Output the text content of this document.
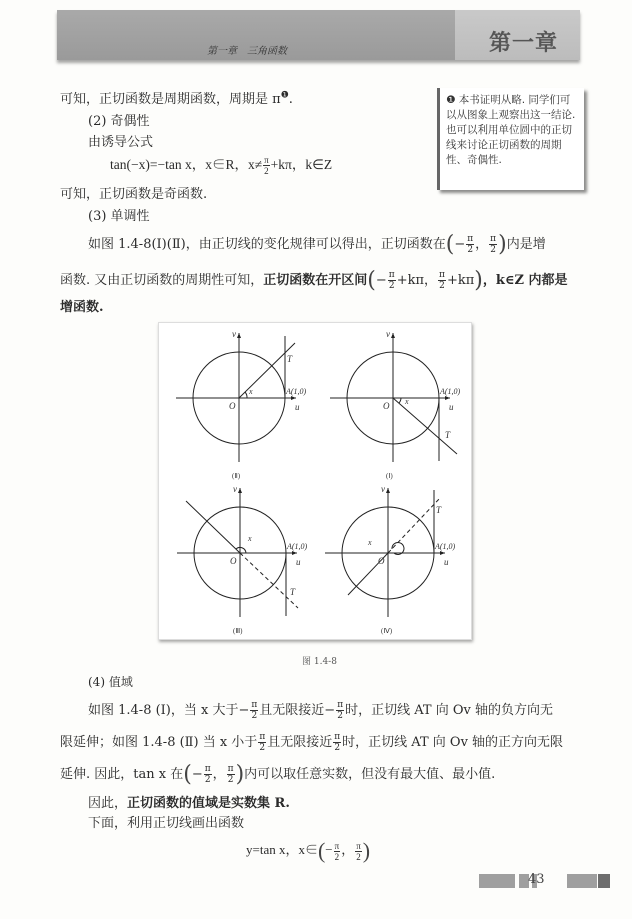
第一章　三角函数	第一章
可知，正切函数是周期函数，周期是 $\pi^❶$.
(2) 奇偶性
由诱导公式
tan(−x)=−tan x，x∈R，$x\ne \frac{\pi}{2} +k\pi$，k∈Z
可知，正切函数是奇函数.
(3) 单调性
如图 1.4-8(Ⅰ)(Ⅱ)，由正切线的变化规律可以得出，正切函数在(− $\frac{\pi}{2}$ ， $\frac{\pi}{2}$ )内是增
函数. 又由正切函数的周期性可知，正切函数在开区间(− $\frac{\pi}{2} +k\pi$， $\frac{\pi}{2} +k\pi$)，k∈Z 内都是
增函数.
❶ 本书证明从略. 同学们可以从图象上观察出这一结论. 也可以利用单位圆中的正切线来讨论正切函数的周期性、奇偶性.
v
u
O
A(1,0)
T
x
(Ⅱ)
v
u
O
A(1,0)
T
x
(Ⅰ)
v
u
O
A(1,0)
T
x
(Ⅲ)
v
u
O
A(1,0)
T
x
(Ⅳ)
图 1.4-8
(4) 值域
如图 1.4-8 (Ⅰ)，当 x 大于− $\frac{\pi}{2}$ 且无限接近− $\frac{\pi}{2}$ 时，正切线 AT 向 Ov 轴的负方向无
限延伸；如图 1.4-8 (Ⅱ) 当 x 小于 $\frac{\pi}{2}$ 且无限接近 $\frac{\pi}{2}$ 时，正切线 AT 向 Ov 轴的正方向无限
延伸. 因此，tan x 在(− $\frac{\pi}{2}$ ， $\frac{\pi}{2}$ )内可以取任意实数，但没有最大值、最小值.
因此，正切函数的值域是实数集 R.
下面，利用正切线画出函数
y=tan x，x∈(− $\frac{\pi}{2}$ ， $\frac{\pi}{2}$ )
43
